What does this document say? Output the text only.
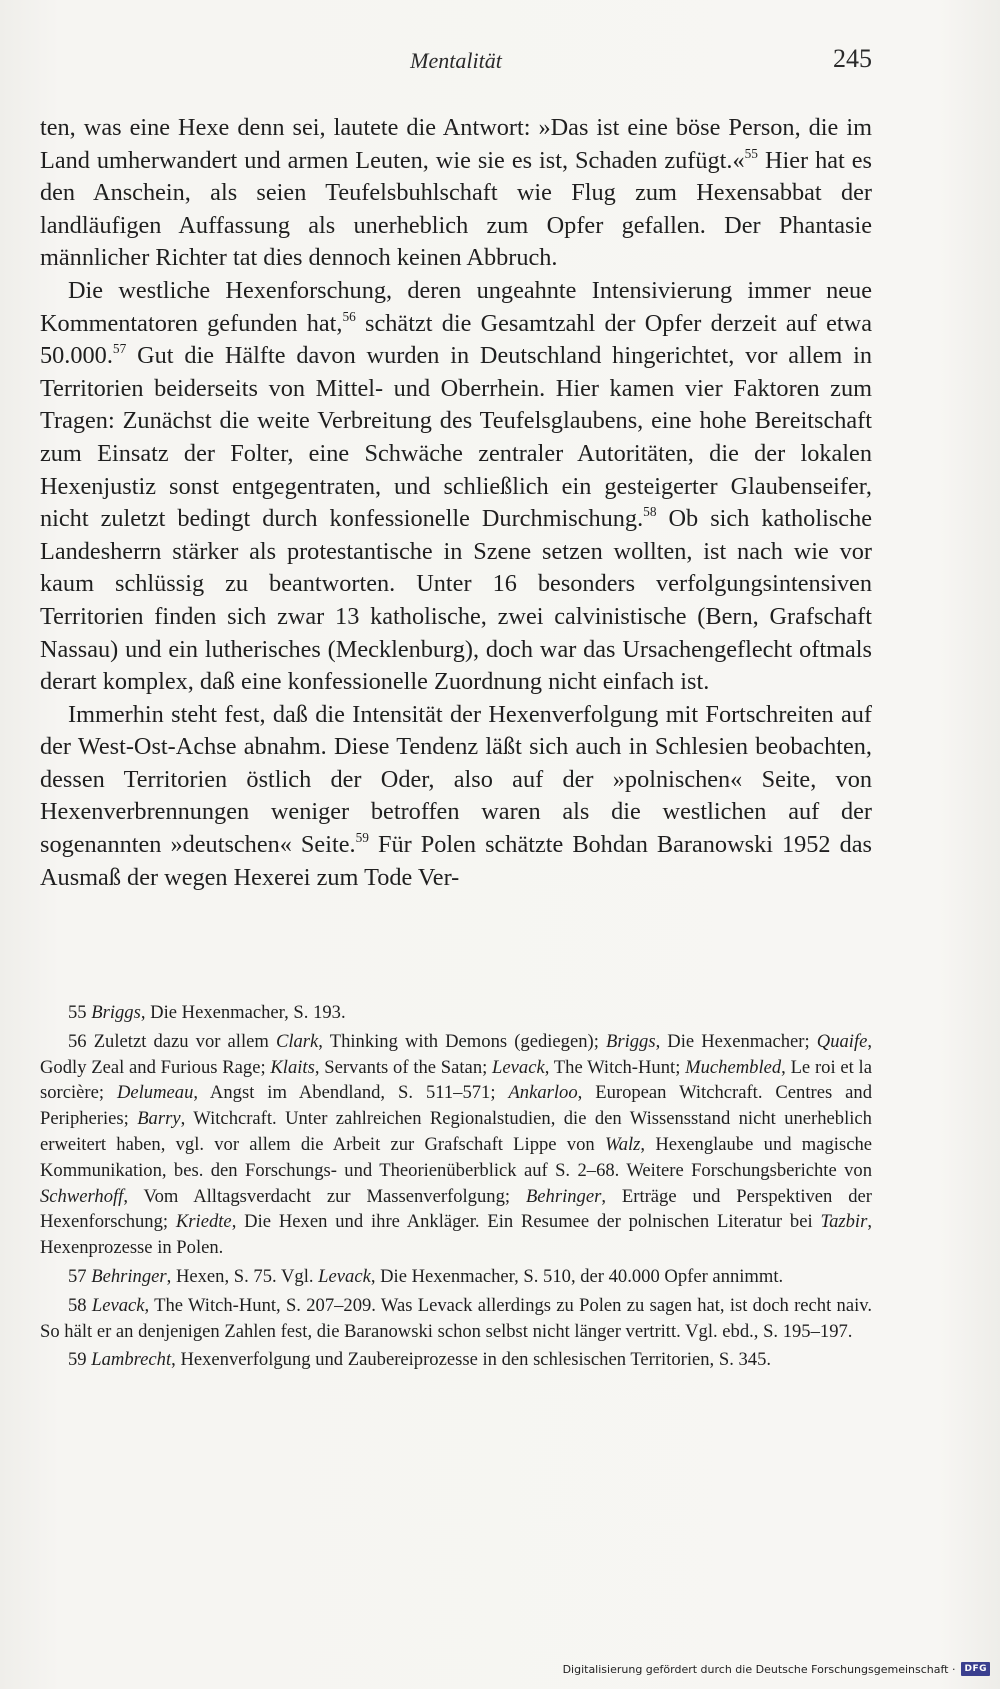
Mentalität	245

ten, was eine Hexe denn sei, lautete die Antwort: »Das ist eine böse Person, die im Land umherwandert und armen Leuten, wie sie es ist, Schaden zufügt.«$^{55}$ Hier hat es den Anschein, als seien Teufelsbuhlschaft wie Flug zum Hexensabbat der landläufigen Auffassung als unerheblich zum Opfer gefallen. Der Phantasie männlicher Richter tat dies dennoch keinen Abbruch.

Die westliche Hexenforschung, deren ungeahnte Intensivierung immer neue Kommentatoren gefunden hat,$^{56}$ schätzt die Gesamtzahl der Opfer derzeit auf etwa 50.000.57 Gut die Hälfte davon wurden in Deutschland hingerichtet, vor allem in Territorien beiderseits von Mittel- und Oberrhein. Hier kamen vier Faktoren zum Tragen: Zunächst die weite Verbreitung des Teufelsglaubens, eine hohe Bereitschaft zum Einsatz der Folter, eine Schwäche zentraler Autoritäten, die der lokalen Hexenjustiz sonst entgegentraten, und schließlich ein gesteigerter Glaubenseifer, nicht zuletzt bedingt durch konfessionelle Durchmischung.$^{58}$ Ob sich katholische Landesherrn stärker als protestantische in Szene setzen wollten, ist nach wie vor kaum schlüssig zu beantworten. Unter 16 besonders verfolgungsintensiven Territorien finden sich zwar 13 katholische, zwei calvinistische (Bern, Grafschaft Nassau) und ein lutherisches (Mecklenburg), doch war das Ursachengeflecht oftmals derart komplex, daß eine konfessionelle Zuordnung nicht einfach ist.

Immerhin steht fest, daß die Intensität der Hexenverfolgung mit Fortschreiten auf der West-Ost-Achse abnahm. Diese Tendenz läßt sich auch in Schlesien beobachten, dessen Territorien östlich der Oder, also auf der »polnischen« Seite, von Hexenverbrennungen weniger betroffen waren als die westlichen auf der sogenannten »deutschen« Seite.$^{59}$ Für Polen schätzte Bohdan Baranowski 1952 das Ausmaß der wegen Hexerei zum Tode Ver-

55 Briggs, Die Hexenmacher, S. 193.

56 Zuletzt dazu vor allem Clark, Thinking with Demons (gediegen); Briggs, Die Hexenmacher; Quaife, Godly Zeal and Furious Rage; Klaits, Servants of the Satan; Levack, The Witch-Hunt; Muchembled, Le roi et la sorcière; Delumeau, Angst im Abendland, S. 511–571; Ankarloo, European Witchcraft. Centres and Peripheries; Barry, Witchcraft. Unter zahlreichen Regionalstudien, die den Wissensstand nicht unerheblich erweitert haben, vgl. vor allem die Arbeit zur Grafschaft Lippe von Walz, Hexenglaube und magische Kommunikation, bes. den Forschungs- und Theorienüberblick auf S. 2–68. Weitere Forschungsberichte von Schwerhoff, Vom Alltagsverdacht zur Massenverfolgung; Behringer, Erträge und Perspektiven der Hexenforschung; Kriedte, Die Hexen und ihre Ankläger. Ein Resumee der polnischen Literatur bei Tazbir, Hexenprozesse in Polen.

57 Behringer, Hexen, S. 75. Vgl. Levack, Die Hexenmacher, S. 510, der 40.000 Opfer annimmt.

58 Levack, The Witch-Hunt, S. 207–209. Was Levack allerdings zu Polen zu sagen hat, ist doch recht naiv. So hält er an denjenigen Zahlen fest, die Baranowski schon selbst nicht länger vertritt. Vgl. ebd., S. 195–197.

59 Lambrecht, Hexenverfolgung und Zaubereiprozesse in den schlesischen Territorien, S. 345.

Digitalisierung gefördert durch die Deutsche Forschungsgemeinschaft ·	DFG
